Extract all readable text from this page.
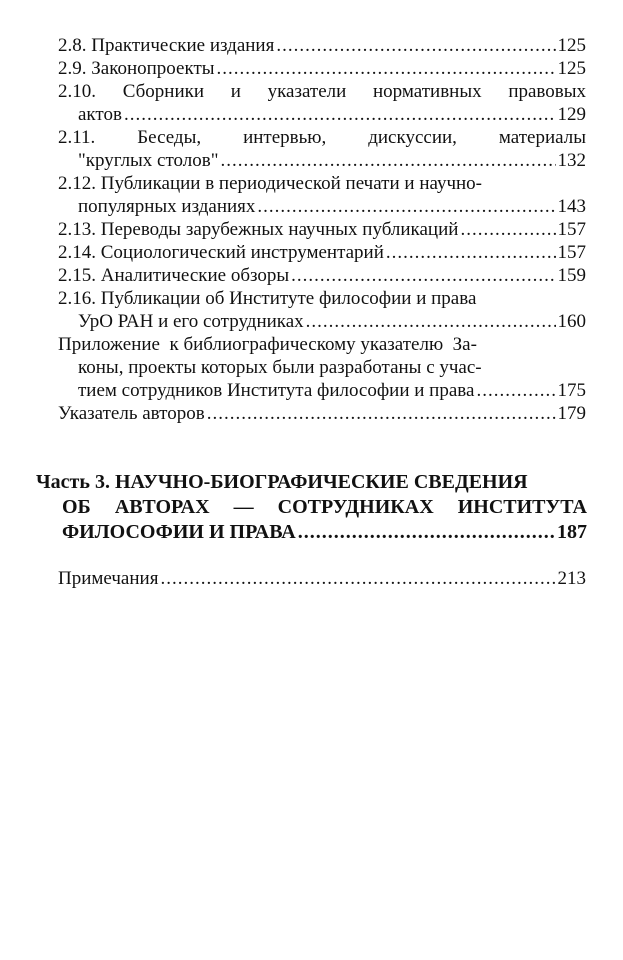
2.8. Практические издания .....	125
2.9. Законопроекты .....	125
2.10. Сборники и указатели нормативных правовых
актов .....	129
2.11. Беседы, интервью, дискуссии, материалы
"круглых столов" .....	132
2.12. Публикации в периодической печати и научно-
популярных изданиях .....	143
2.13. Переводы зарубежных научных публикаций .....	157
2.14. Социологический инструментарий .....	157
2.15. Аналитические обзоры .....	159
2.16. Публикации об Институте философии и права
УрО РАН и его сотрудниках .....	160
Приложение  к библиографическому указателю  За-
коны, проекты которых были разработаны с учас-
тием сотрудников Института философии и права .....	175
Указатель авторов .....	179
Часть 3. НАУЧНО-БИОГРАФИЧЕСКИЕ СВЕДЕНИЯ
ОБ АВТОРАХ — СОТРУДНИКАХ ИНСТИТУТА
ФИЛОСОФИИ И ПРАВА .....	187
Примечания .....	213
